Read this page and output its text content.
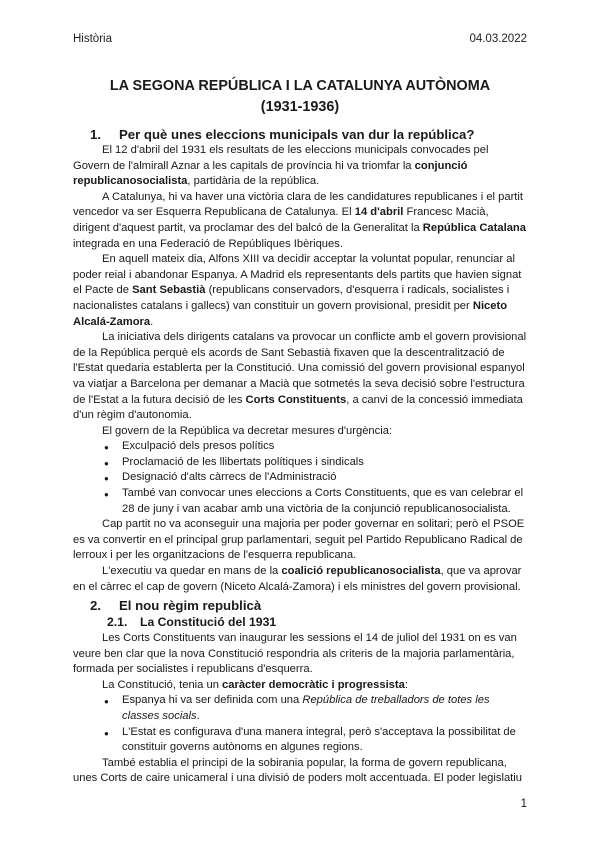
Història	04.03.2022
LA SEGONA REPÚBLICA I LA CATALUNYA AUTÒNOMA
(1931-1936)
1. Per què unes eleccions municipals van dur la república?

El 12 d'abril del 1931 els resultats de les eleccions municipals convocades pel Govern de l'almirall Aznar a les capitals de província hi va triomfar la conjunció republicanosocialista, partidària de la república.

A Catalunya, hi va haver una victòria clara de les candidatures republicanes i el partit vencedor va ser Esquerra Republicana de Catalunya. El 14 d'abril Francesc Macià, dirigent d'aquest partit, va proclamar des del balcó de la Generalitat la República Catalana integrada en una Federació de Repúbliques Ibèriques.

En aquell mateix dia, Alfons XIII va decidir acceptar la voluntat popular, renunciar al poder reial i abandonar Espanya. A Madrid els representants dels partits que havien signat el Pacte de Sant Sebastià (republicans conservadors, d'esquerra i radicals, socialistes i nacionalistes catalans i gallecs) van constituir un govern provisional, presidit per Niceto Alcalá-Zamora.

La iniciativa dels dirigents catalans va provocar un conflicte amb el govern provisional de la República perquè els acords de Sant Sebastià fixaven que la descentralització de l'Estat quedaria establerta per la Constitució. Una comissió del govern provisional espanyol va viatjar a Barcelona per demanar a Macià que sotmetés la seva decisió sobre l'estructura de l'Estat a la futura decisió de les Corts Constituents, a canvi de la concessió immediata d'un règim d'autonomia.

El govern de la República va decretar mesures d'urgència:

● Exculpació dels presos polítics
● Proclamació de les llibertats polítiques i sindicals
● Designació d'alts càrrecs de l'Administració
● També van convocar unes eleccions a Corts Constituents, que es van celebrar el 28 de juny i van acabar amb una victòria de la conjunció republicanosocialista.

Cap partit no va aconseguir una majoria per poder governar en solitari; però el PSOE es va convertir en el principal grup parlamentari, seguit pel Partido Republicano Radical de lerroux i per les organitzacions de l'esquerra republicana.

L'executiu va quedar en mans de la coalició republicanosocialista, que va aprovar en el càrrec el cap de govern (Niceto Alcalá-Zamora) i els ministres del govern provisional.

2. El nou règim republicà
2.1. La Constitució del 1931

Les Corts Constituents van inaugurar les sessions el 14 de juliol del 1931 on es van veure ben clar que la nova Constitució respondria als criteris de la majoria parlamentària, formada per socialistes i republicans d'esquerra.

La Constitució, tenia un caràcter democràtic i progressista:

● Espanya hi va ser definida com una República de treballadors de totes les classes socials.
● L'Estat es configurava d'una manera integral, però s'acceptava la possibilitat de constituir governs autònoms en algunes regions.

També establia el principi de la sobirania popular, la forma de govern republicana, unes Corts de caire unicameral i una divisió de poders molt accentuada. El poder legislatiu

1
